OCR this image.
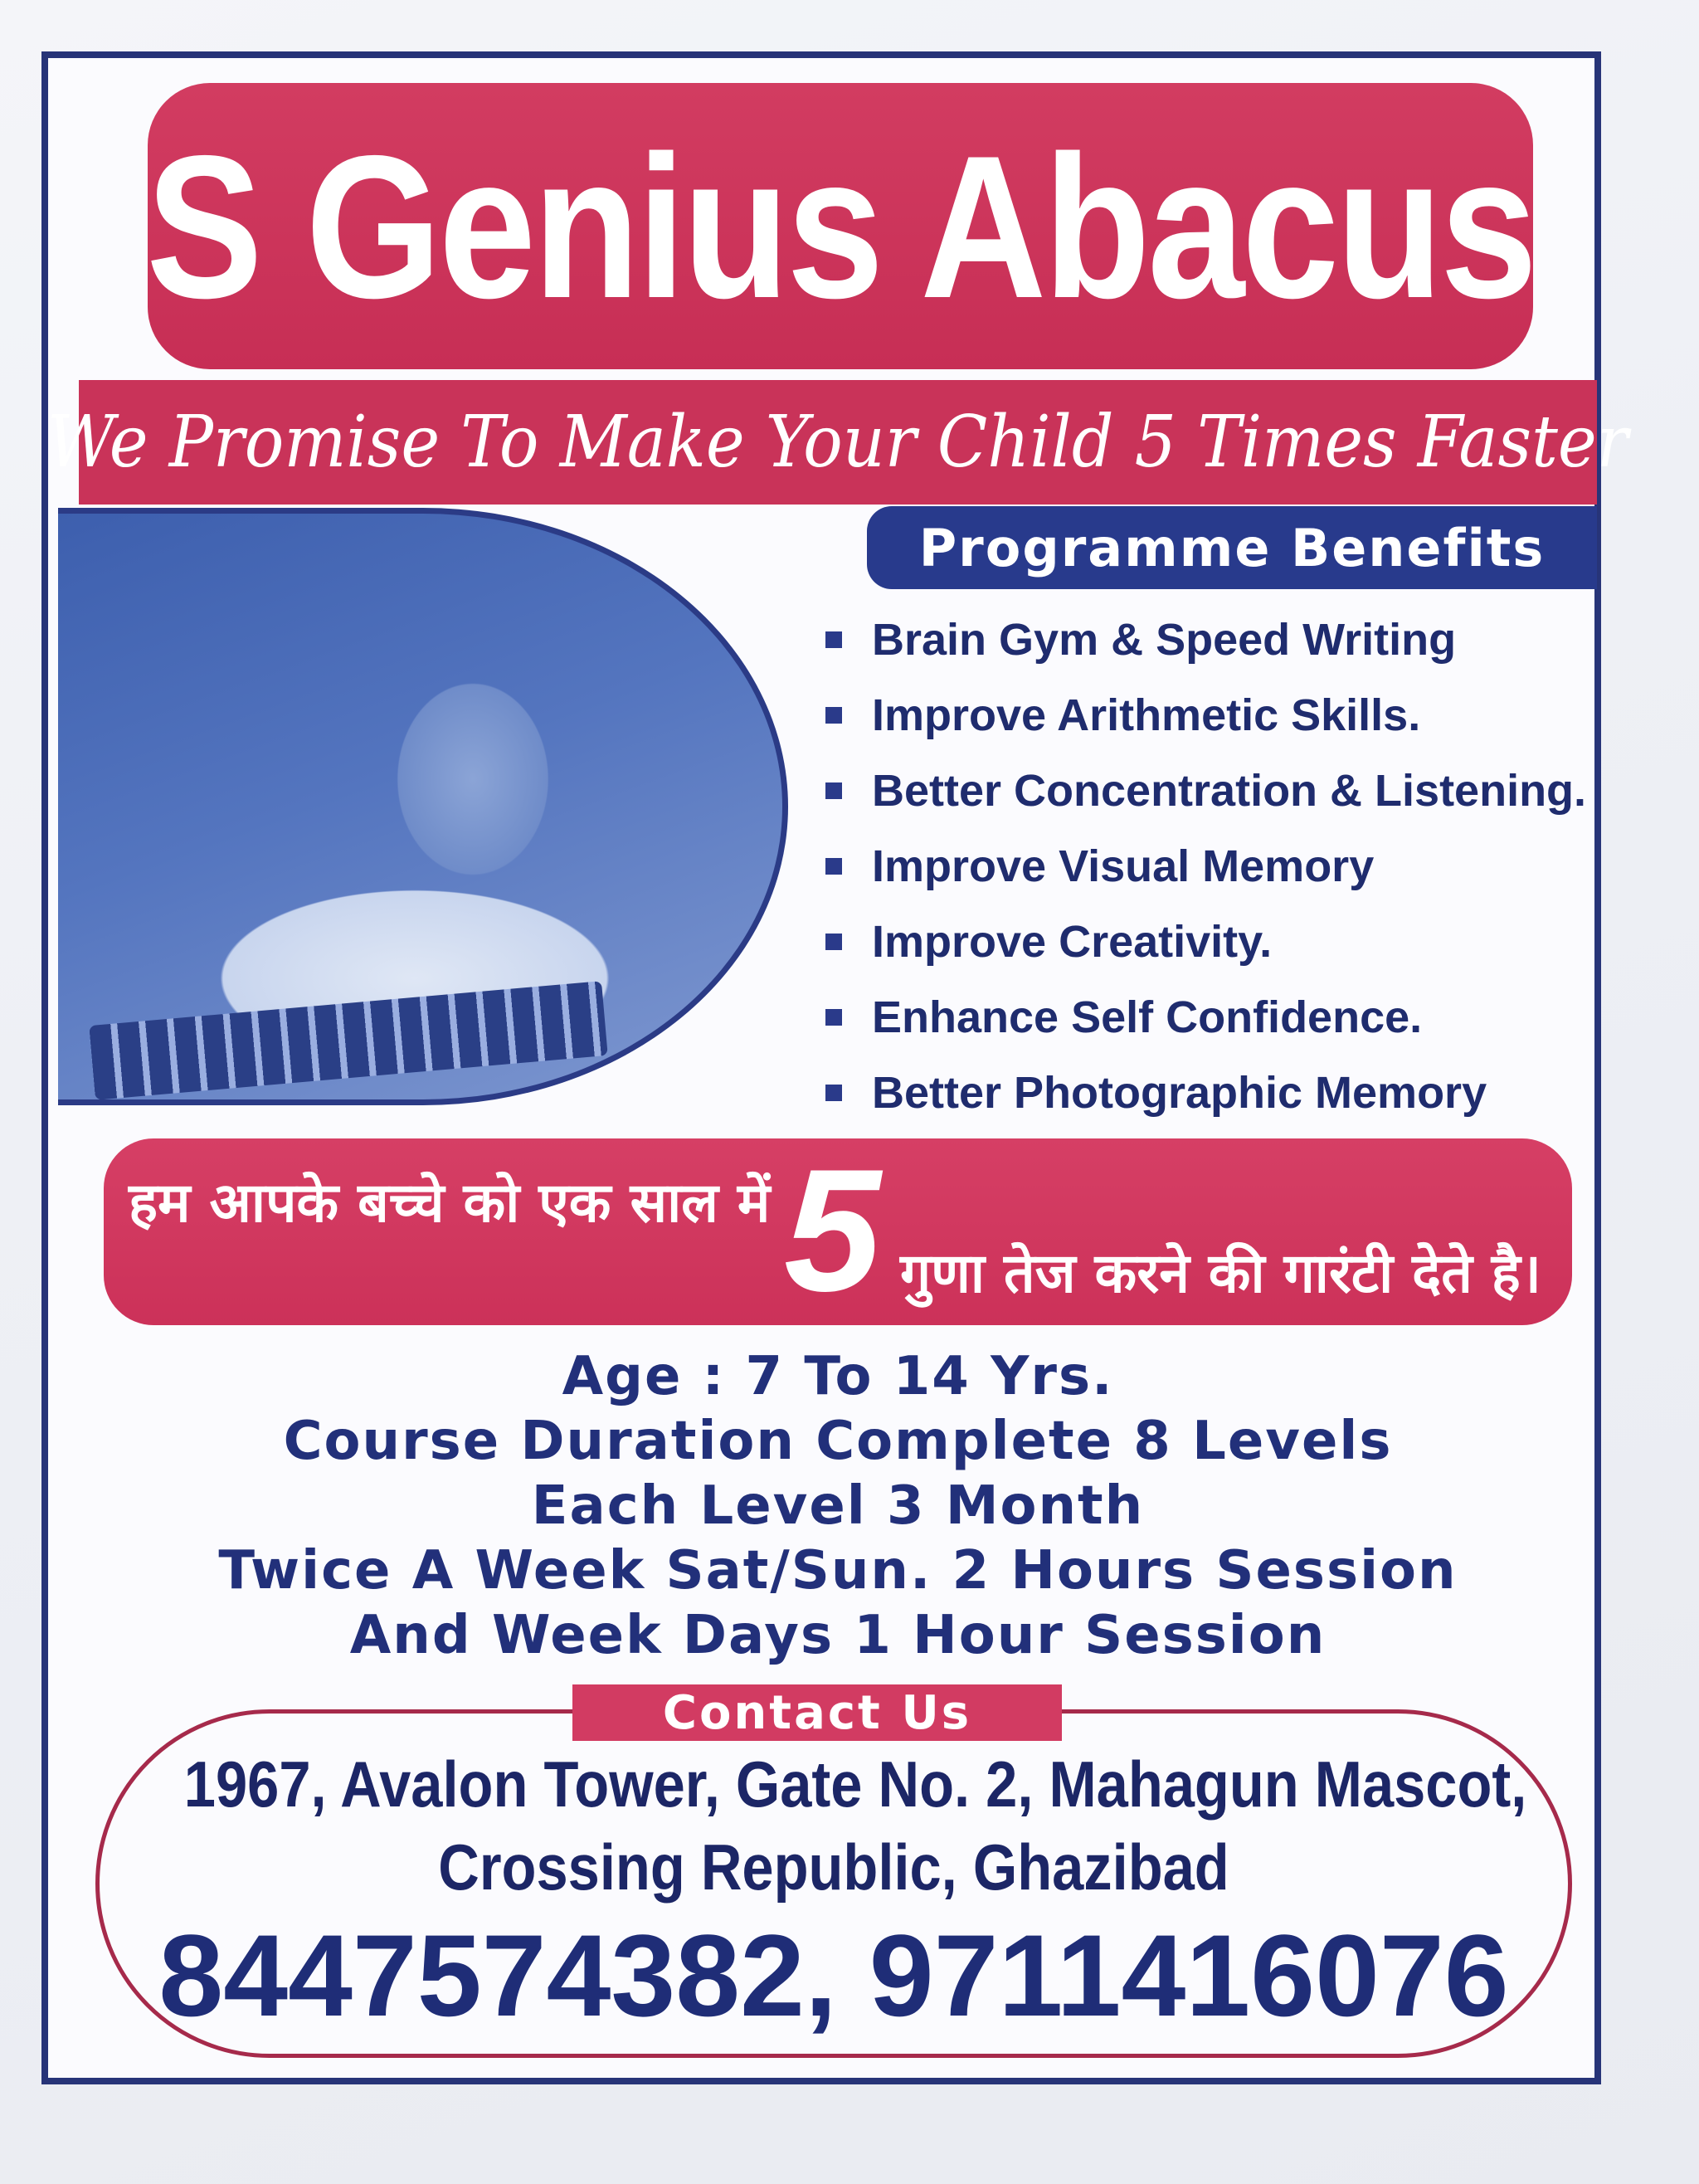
S Genius Abacus
We Promise To Make Your Child 5 Times Faster
Programme Benefits
Brain Gym & Speed Writing
Improve Arithmetic Skills.
Better Concentration & Listening.
Improve Visual Memory
Improve Creativity.
Enhance Self Confidence.
Better Photographic Memory
हम आपके बच्चे को एक साल में 5 गुणा तेज करने की गारंटी देते है।
Age : 7 To 14 Yrs.
Course Duration Complete 8 Levels
Each Level 3 Month
Twice A Week Sat/Sun. 2 Hours Session
And Week Days 1 Hour Session
Contact Us
1967, Avalon Tower, Gate No. 2, Mahagun Mascot,
Crossing Republic, Ghazibad
8447574382, 9711416076
